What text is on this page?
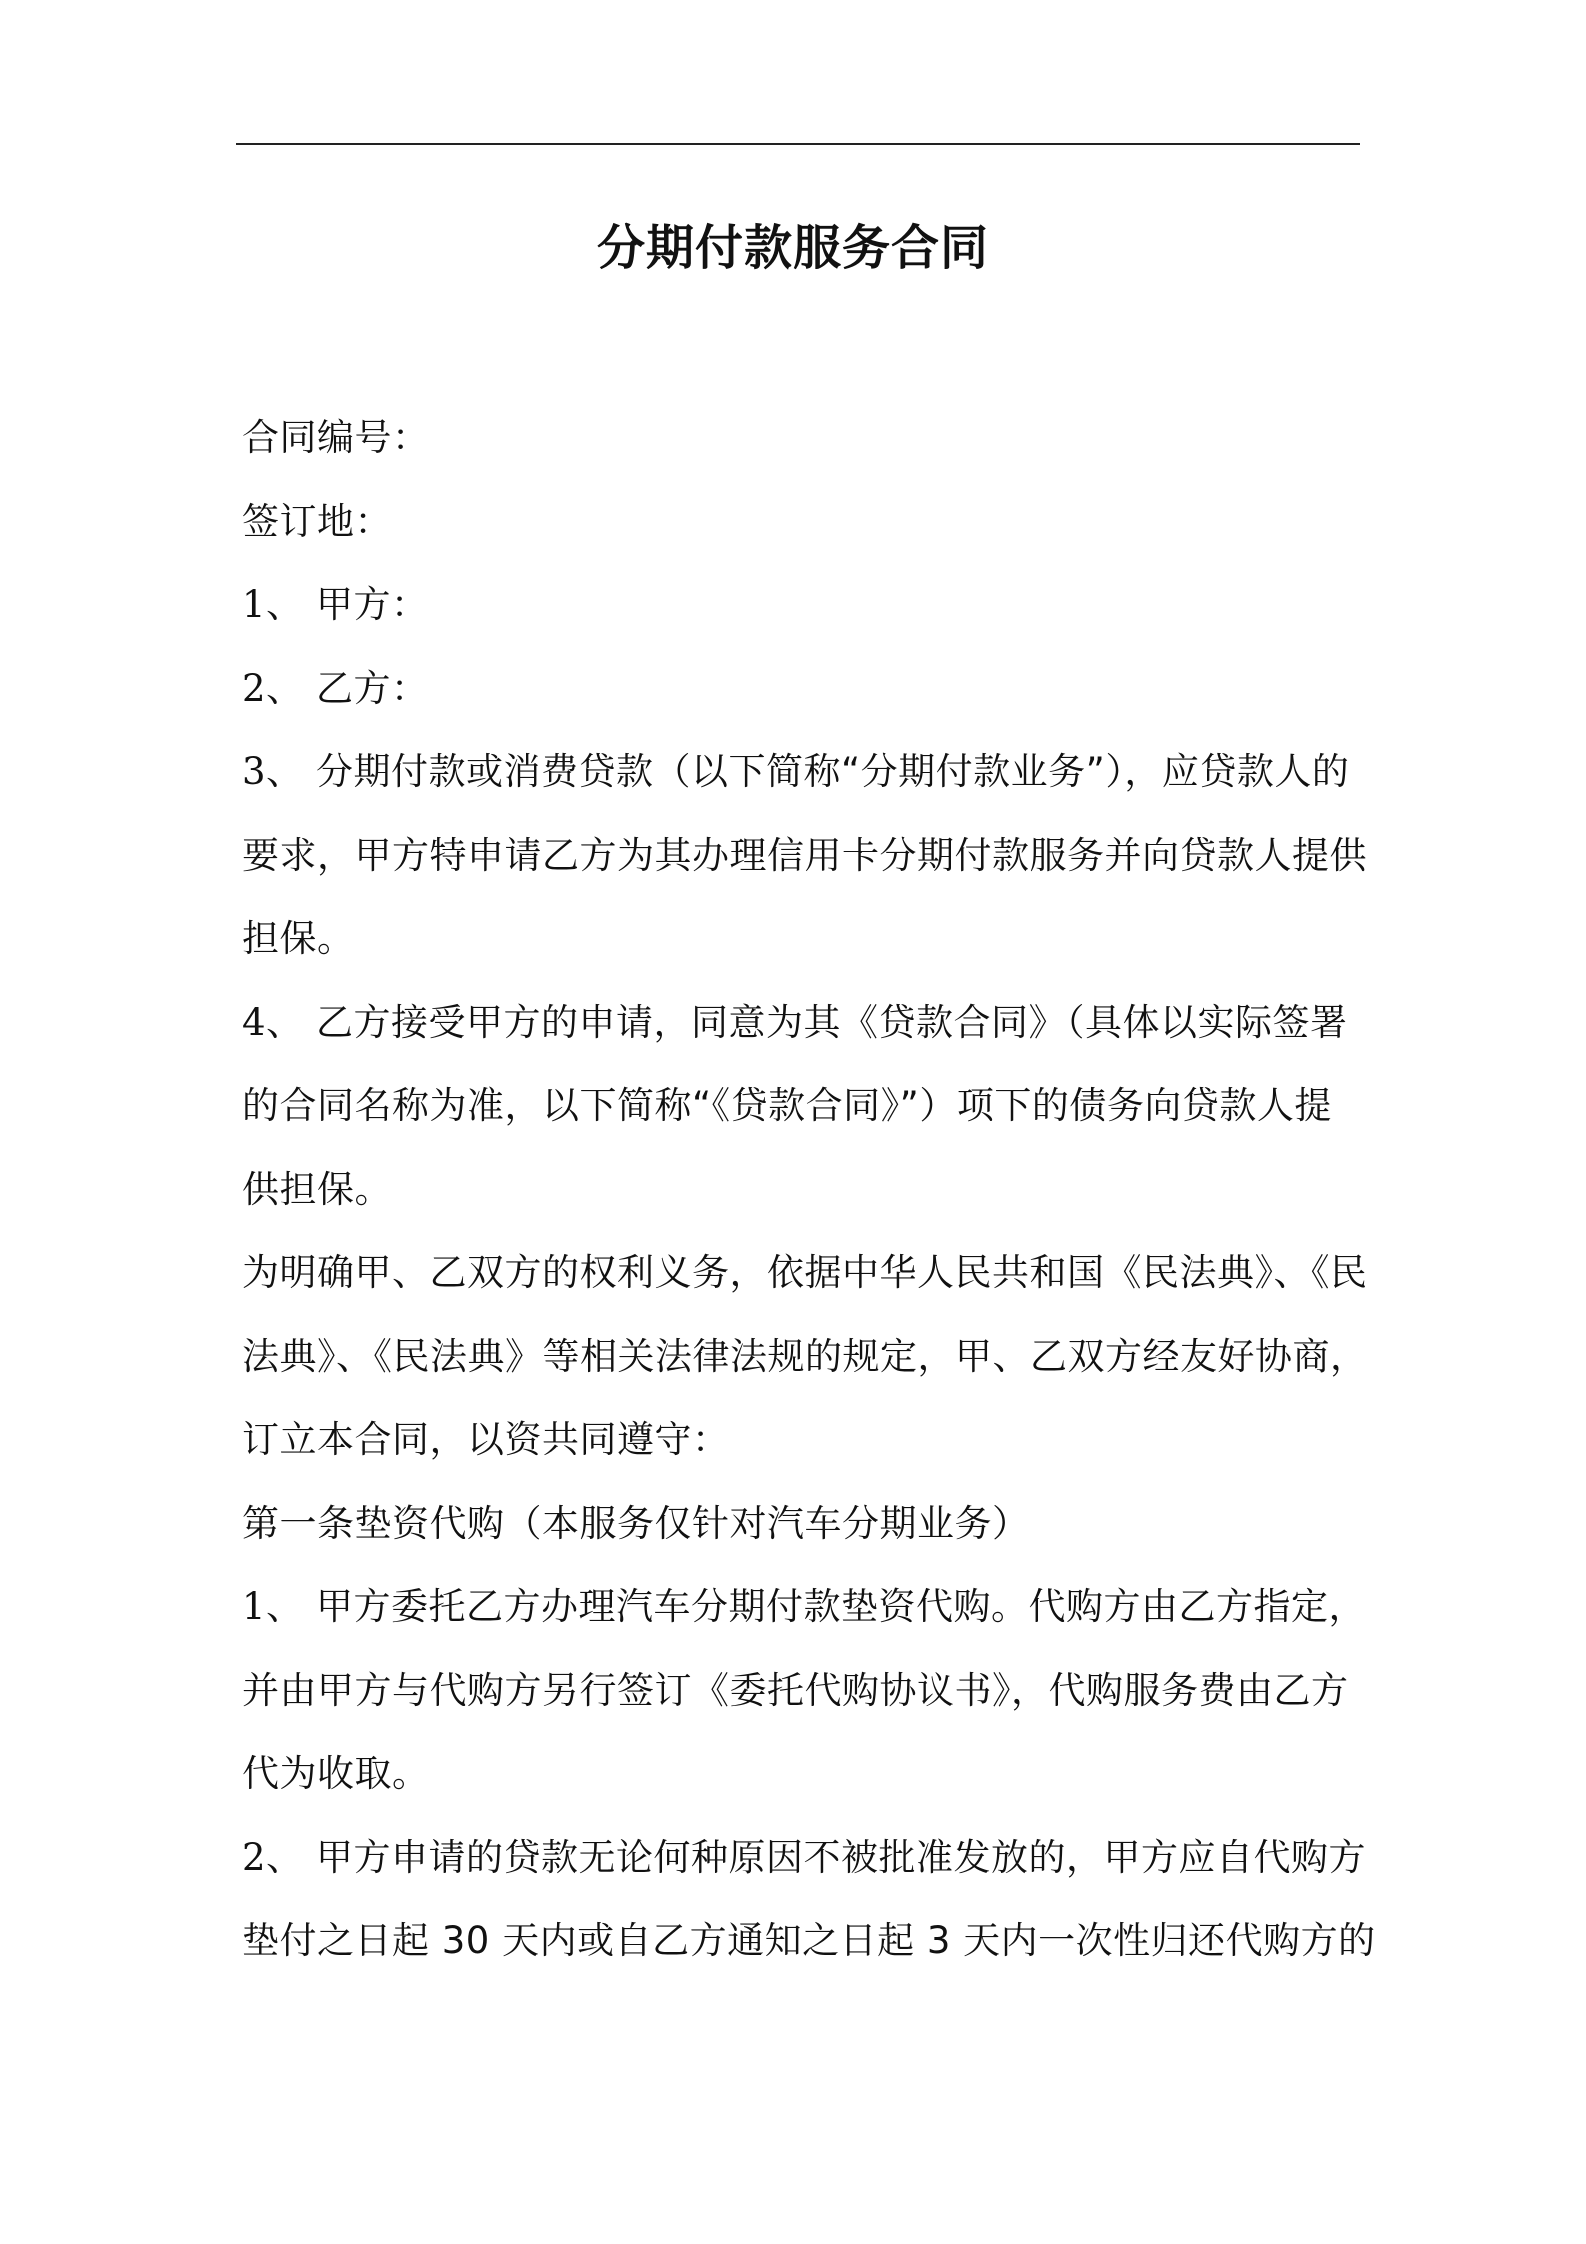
分期付款服务合同
合同编号：
签订地：
1、 甲方：
2、 乙方：
3、 分期付款或消费贷款（以下简称“分期付款业务”），应贷款人的
要求，甲方特申请乙方为其办理信用卡分期付款服务并向贷款人提供
担保。
4、 乙方接受甲方的申请，同意为其《贷款合同》（具体以实际签署
的合同名称为准，以下简称“《贷款合同》”）项下的债务向贷款人提
供担保。
为明确甲、乙双方的权利义务，依据中华人民共和国《民法典》、《民
法典》、《民法典》等相关法律法规的规定，甲、乙双方经友好协商，
订立本合同，以资共同遵守：
第一条垫资代购（本服务仅针对汽车分期业务）
1、 甲方委托乙方办理汽车分期付款垫资代购。代购方由乙方指定，
并由甲方与代购方另行签订《委托代购协议书》，代购服务费由乙方
代为收取。
2、 甲方申请的贷款无论何种原因不被批准发放的，甲方应自代购方
垫付之日起 30 天内或自乙方通知之日起 3 天内一次性归还代购方的
